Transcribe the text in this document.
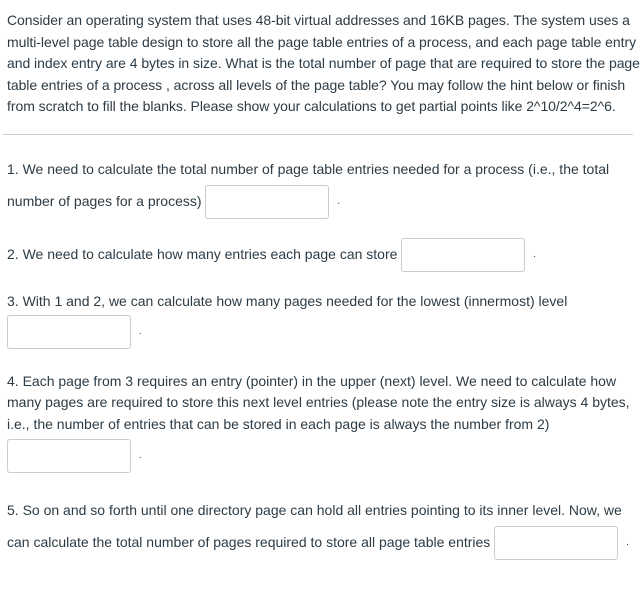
Consider an operating system that uses 48-bit virtual addresses and 16KB pages. The system uses a multi-level page table design to store all the page table entries of a process, and each page table entry and index entry are 4 bytes in size. What is the total number of page that are required to store the page table entries of a process , across all levels of the page table? You may follow the hint below or finish from scratch to fill the blanks. Please show your calculations to get partial points like 2^10/2^4=2^6.

1. We need to calculate the total number of page table entries needed for a process (i.e., the total number of pages for a process)	.
2. We need to calculate how many entries each page can store	.
3. With 1 and 2, we can calculate how many pages needed for the lowest (innermost) level
.
4. Each page from 3 requires an entry (pointer) in the upper (next) level. We need to calculate how many pages are required to store this next level entries (please note the entry size is always 4 bytes, i.e., the number of entries that can be stored in each page is always the number from 2)
.
5. So on and so forth until one directory page can hold all entries pointing to its inner level. Now, we can calculate the total number of pages required to store all page table entries	.
